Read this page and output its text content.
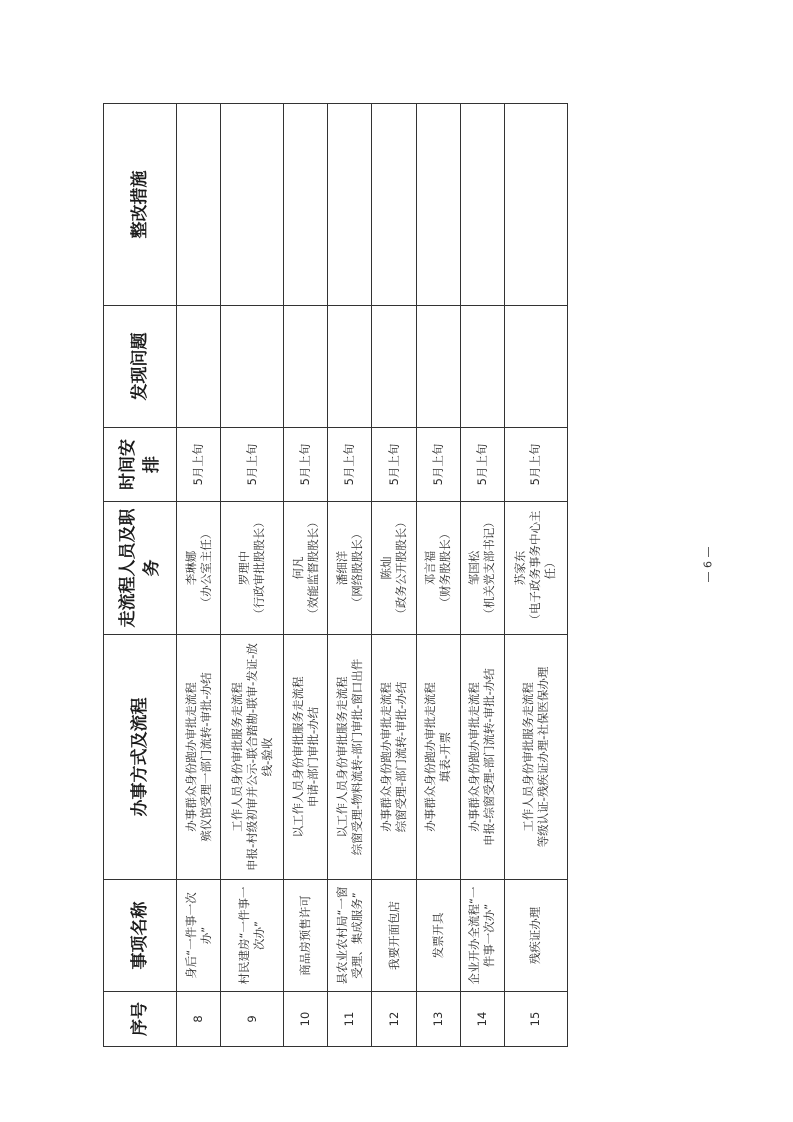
序号	事项名称	办事方式及流程	走流程人员及职务	时间安排	发现问题	整改措施
8	身后“一件事一次办”	办事群众身份跑办审批走流程 殡仪馆受理一部门流转-审批-办结	李琳娜 （办公室主任）	5月上旬		
9	村民建房“一件事一次办”	工作人员身份审批服务走流程 申报-村级初审并公示-联合踏勘-联审-发证-放线-验收	罗理中 （行政审批股股长）	5月上旬		
10	商品房预售许可	以工作人员身份审批服务走流程 申请-部门审批-办结	何凡 （效能监督股股长）	5月上旬		
11	县农业农村局“一窗受理、集成服务”	以工作人员身份审批服务走流程 综窗受理-物料流转-部门审批-窗口出件	潘细洋 （网络股股长）	5月上旬		
12	我要开面包店	办事群众身份跑办审批走流程 综窗受理-部门流转-审批-办结	陈灿 （政务公开股股长）	5月上旬		
13	发票开具	办事群众身份跑办审批走流程 填表-开票	邓言福 （财务股股长）	5月上旬		
14	企业开办全流程“一件事一次办”	办事群众身份跑办审批走流程 申报-综窗受理-部门流转-审批-办结	邹国松 （机关党支部书记）	5月上旬		
15	残疾证办理	工作人员身份审批服务走流程 等级认证-残疾证办理-社保医保办理	苏家东 （电子政务事务中心主任）	5月上旬		
— 6 —
